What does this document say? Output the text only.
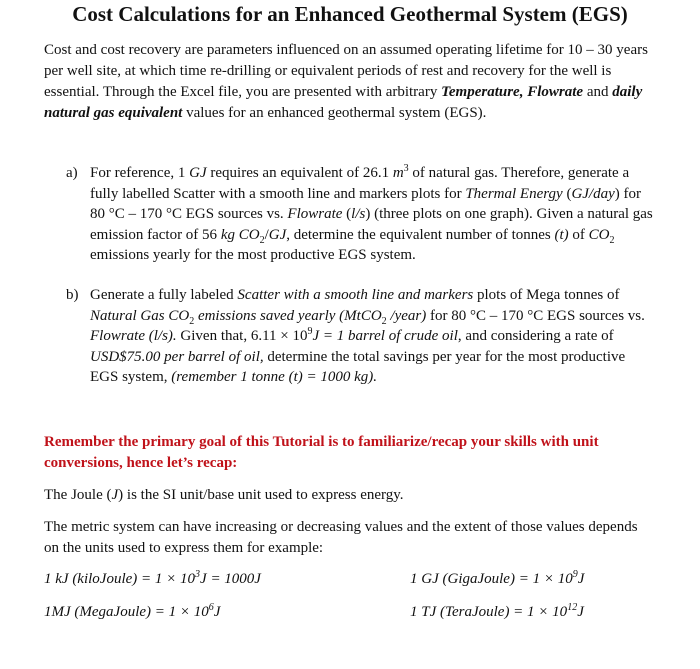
Cost Calculations for an Enhanced Geothermal System (EGS)
Cost and cost recovery are parameters influenced on an assumed operating lifetime for 10 – 30 years per well site, at which time re-drilling or equivalent periods of rest and recovery for the well is essential. Through the Excel file, you are presented with arbitrary Temperature, Flowrate and daily natural gas equivalent values for an enhanced geothermal system (EGS).
a) For reference, 1 GJ requires an equivalent of 26.1 $m^3$ of natural gas. Therefore, generate a fully labelled Scatter with a smooth line and markers plots for Thermal Energy (GJ/day) for 80 °C – 170 °C EGS sources vs. Flowrate (l/s) (three plots on one graph). Given a natural gas emission factor of 56 kg $CO_2/GJ$, determine the equivalent number of tonnes (t) of $CO_2$ emissions yearly for the most productive EGS system.
b) Generate a fully labeled Scatter with a smooth line and markers plots of Mega tonnes of Natural Gas $CO_2$ emissions saved yearly (MtCO$_2$ /year) for 80 °C – 170 °C EGS sources vs. Flowrate (l/s). Given that, $6.11 \times 10^9J = 1$ barrel of crude oil, and considering a rate of USD$75.00 per barrel of oil, determine the total savings per year for the most productive EGS system, (remember 1 tonne (t) = 1000 kg).
Remember the primary goal of this Tutorial is to familiarize/recap your skills with unit conversions, hence let’s recap:
The Joule (J) is the SI unit/base unit used to express energy.
The metric system can have increasing or decreasing values and the extent of those values depends on the units used to express them for example:
1 kJ (kiloJoule) = $1 \times 10^3J = 1000J$	1 GJ (GigaJoule) = $1 \times 10^9J$
1MJ (MegaJoule) = $1 \times 10^6J$	1 TJ (TeraJoule) = $1 \times 10^{12}J$
